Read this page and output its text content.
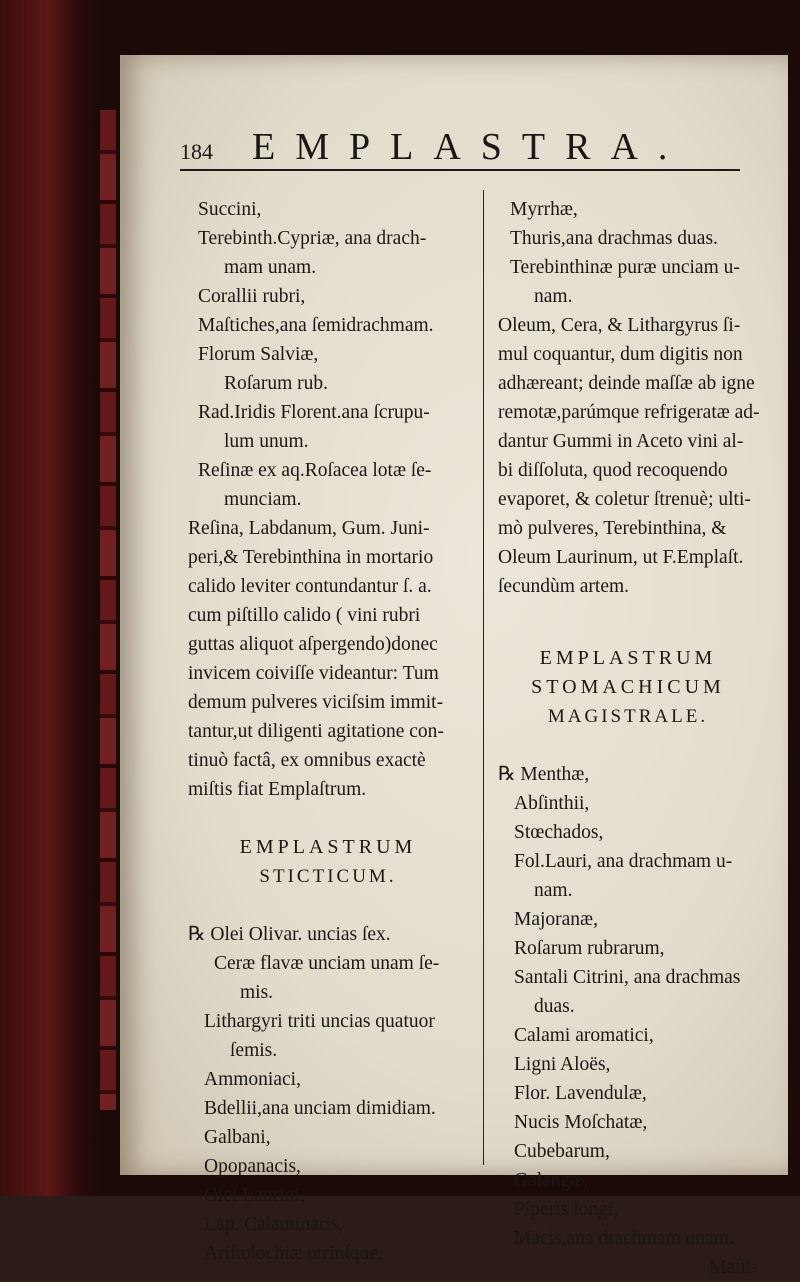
184 EMPLASTRA.
Succini,
Terebinth.Cypriæ, ana drach-
mam unam.
Corallii rubri,
Maſtiches,ana ſemidrachmam.
Florum Salviæ,
Roſarum rub.
Rad.Iridis Florent.ana ſcrupu-
lum unum.
Reſinæ ex aq.Roſacea lotæ ſe-
munciam.
Reſina, Labdanum, Gum. Juni-
peri,& Terebinthina in mortario
calido leviter contundantur ſ. a.
cum piſtillo calido ( vini rubri
guttas aliquot aſpergendo)donec
invicem coiviſſe videantur: Tum
demum pulveres viciſsim immit-
tantur,ut diligenti agitatione con-
tinuò factâ, ex omnibus exactè
miſtis fiat Emplaſtrum.
EMPLASTRUM
STICTICUM.
℞ Olei Olivar. uncias ſex.
Ceræ flavæ unciam unam ſe-
mis.
Lithargyri triti uncias quatuor
ſemis.
Ammoniaci,
Bdellii,ana unciam dimidiam.
Galbani,
Opopanacis,
Olei Laurini,
Lap. Calaminaris,
Ariſtolochiæ utriuſque,
Myrrhæ,
Thuris,ana drachmas duas.
Terebinthinæ puræ unciam u-
nam.
Oleum, Cera, & Lithargyrus ſi-
mul coquantur, dum digitis non
adhæreant; deinde maſſæ ab igne
remotæ,parúmque refrigeratæ ad-
dantur Gummi in Aceto vini al-
bi diſſoluta, quod recoquendo
evaporet, & coletur ſtrenuè; ulti-
mò pulveres, Terebinthina, &
Oleum Laurinum, ut F.Emplaſt.
ſecundùm artem.
EMPLASTRUM
STOMACHICUM
MAGISTRALE.
℞ Menthæ,
Abſinthii,
Stœchados,
Fol.Lauri, ana drachmam u-
nam.
Majoranæ,
Roſarum rubrarum,
Santali Citrini, ana drachmas
duas.
Calami aromatici,
Ligni Aloës,
Flor. Lavendulæ,
Nucis Moſchatæ,
Cubebarum,
Galangæ,
Piperis longi,
Macis,ana drachmam unam.
Maſti-
